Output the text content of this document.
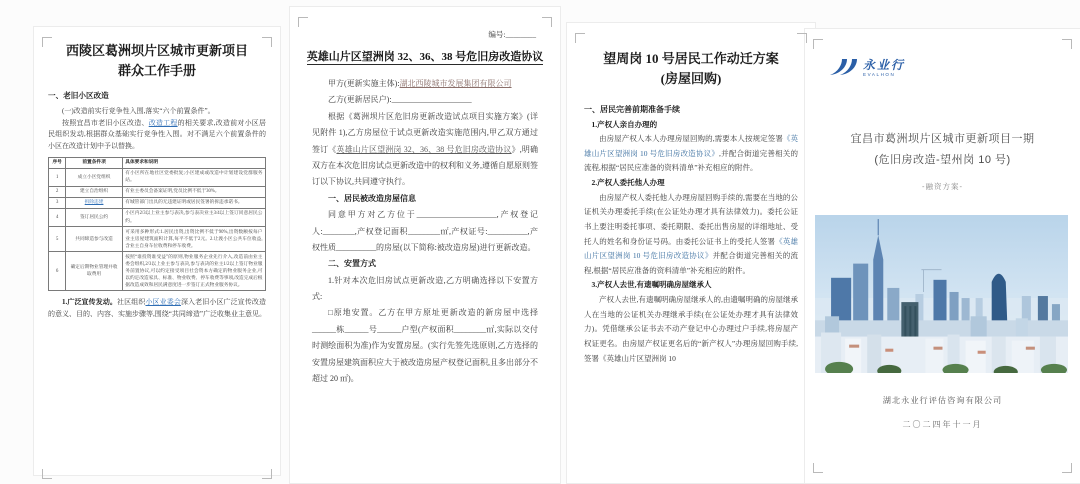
西陵区葛洲坝片区城市更新项目
群众工作手册
一、老旧小区改造
(一)改造前实行竞争性入围,落实“六个前置条件”。
按照宜昌市老旧小区改造、改造工程的相关要求,改造前对小区居民组织发动,根据群众基础实行竞争性入围。对不满足六个前置条件的小区在改造计划中予以替换。
序号	前置条件项	具体要求和说明
1	成立小区党组织	有小区所在地社区党委批复;小区建成或改造中计划建设党群服务站。
2	建立自治组织	有业主委员会备案证明,党员比例不低于30%。
3	拆除违建	有城管部门出具的无违建证明或居民签署的拆违承诺书。
4	签订居民公约	小区内2/3以上业主参与表决,参与表决业主3/4以上签订同意居民公约。
5	共同缔造参与改造	可采用多种形式:1.居民出资,出资比例不低于90%,出资数额按每户业主房屋建筑面积计算,每平不低于2元。2.让渡小区公共车位收益,含业主自身车位收费和停车收费。
6	确定后期物业管理并收取费用	按照“谁投资谁受益”的原则,物业服务企业先行介入,改造前由业主委会组织,2/3以上业主参与表决,参与表决的业主1/2以上签订物业服务前置协议,可以约定接受项目社会资本方确定的物业服务企业,可以约定改造家具、标准、物业收费、停车收费等事项,改造完成后根据改造成效和居民满意度进一步签订正式物业服务协议。
1.广泛宣传发动。社区组织小区业委会深入老旧小区广泛宣传改造的意义、目的、内容、实施步骤等,围绕“共同缔造”广泛收集业主意见。
编号:________
英雄山片区望洲岗 32、36、38 号危旧房改造协议
甲方(更新实施主体):湖北西陵城市发展集团有限公司
乙方(更新居民户):____________________
根据《葛洲坝片区危旧房更新改造试点项目实施方案》(详见附件 1),乙方房屋位于试点更新改造实施范围内,甲乙双方通过签订《英雄山片区望洲岗 32、36、38 号危旧房改造协议》,明确双方在本次危旧房试点更新改造中的权利和义务,遵循自愿原则签订以下协议,共同遵守执行。
一、居民被改造房屋信息
同意甲方对乙方位于____________________,产权登记人:________,产权登记面积________㎡,产权证号:__________,产权性质__________的房屋(以下简称:被改造房屋)进行更新改造。
二、安置方式
1.针对本次危旧房试点更新改造,乙方明确选择以下安置方式:
□原地安置。乙方在甲方原址更新改造的新房屋中选择______栋______号______户型(产权面积________㎡,实际以交付时测绘面积为准)作为安置房屋。(实行先签先选原则,乙方选择的安置房屋建筑面积应大于被改造房屋产权登记面积,且多出部分不超过 20 ㎡)。
望周岗 10 号居民工作动迁方案
(房屋回购)
一、居民完善前期准备手续
1.产权人亲自办理的
由房屋产权人本人办理房屋回购的,需要本人按规定签署《英雄山片区望洲岗 10 号危旧房改造协议》,并配合街道完善相关的流程,根据“居民应准备的资料清单”补充相应的附件。
2.产权人委托他人办理
由房屋产权人委托他人办理房屋回购手续的,需要在当地的公证机关办理委托手续(在公证处办理才具有法律效力)。委托公证书上要注明委托事项、委托期限、委托出售房屋的详细地址、受托人的姓名和身份证号码。由委托公证书上的受托人签署《英雄山片区望洲岗 10 号危旧房改造协议》并配合街道完善相关的流程,根据“居民应准备的资料清单”补充相应的附件。
3.产权人去世,有遗嘱明确房屋继承人
产权人去世,有遗嘱明确房屋继承人的,由遗嘱明确的房屋继承人在当地的公证机关办理继承手续(在公证处办理才具有法律效力)。凭借继承公证书去不动产登记中心办理过户手续,将房屋产权证更名。由房屋产权证更名后的“新产权人”办理房屋回购手续,签署《英雄山片区望洲岗 10
永业行
EVALHON
宜昌市葛洲坝片区城市更新项目一期
(危旧房改造-望州岗 10 号)
-融资方案-
湖北永业行评估咨询有限公司
二〇二四年十一月
